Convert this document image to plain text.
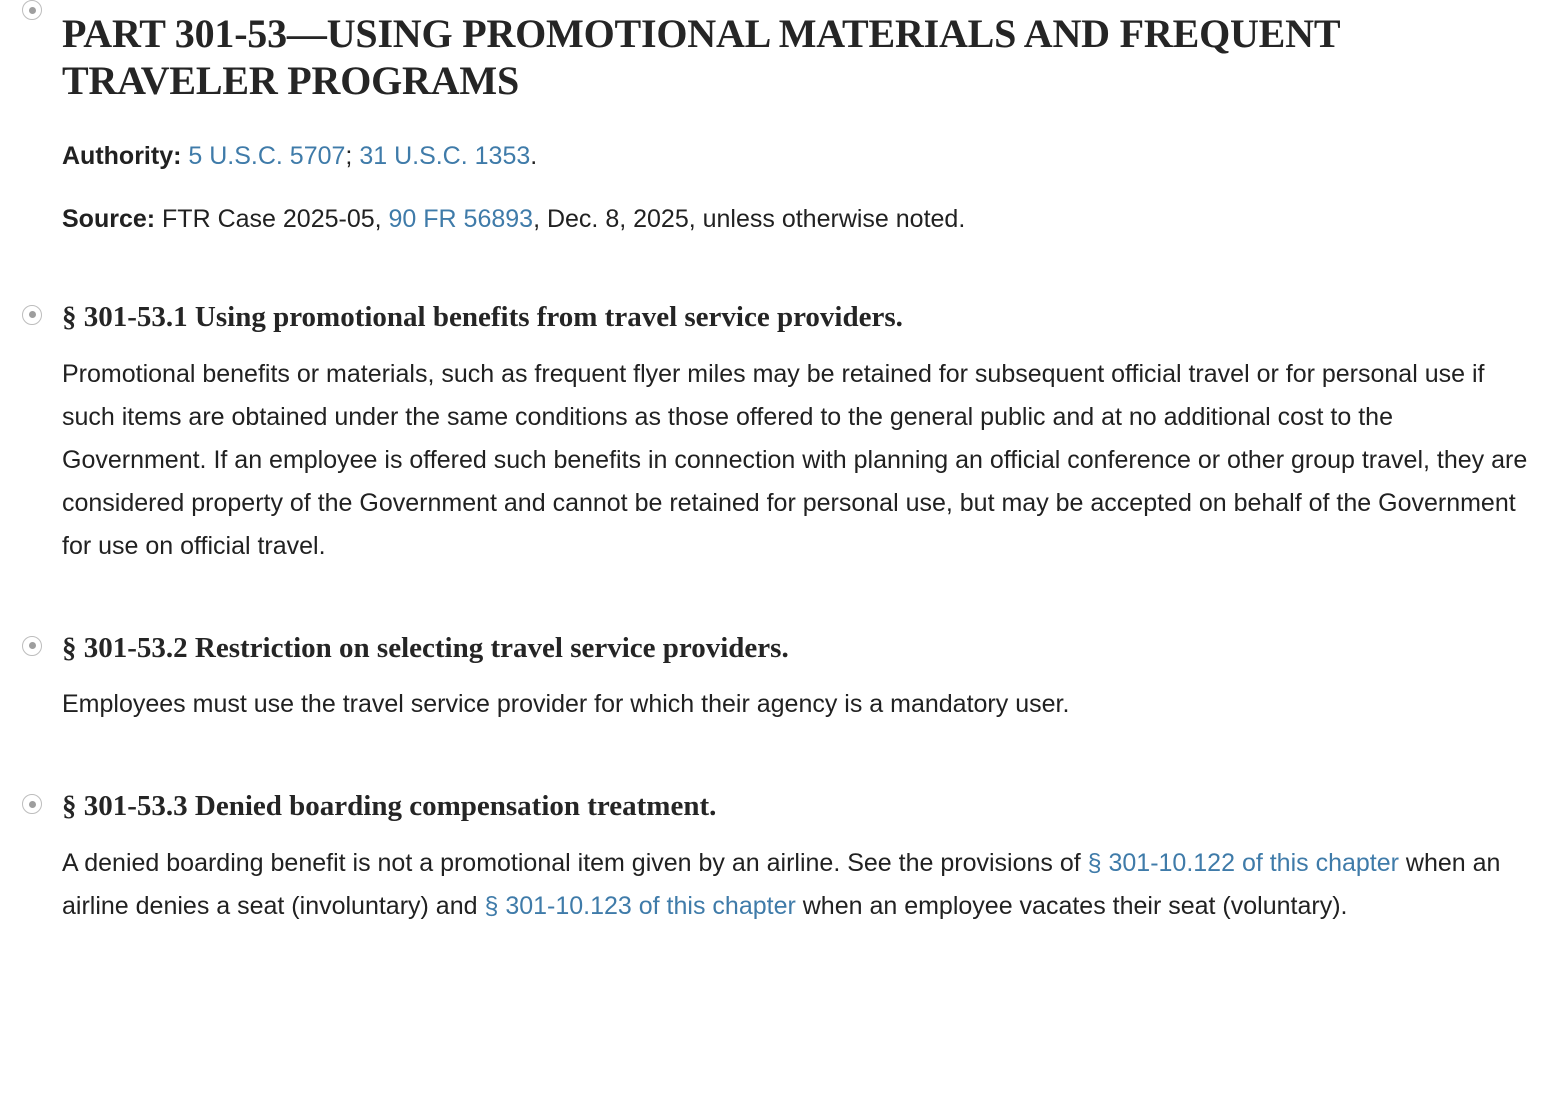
PART 301-53—USING PROMOTIONAL MATERIALS AND FREQUENT TRAVELER PROGRAMS

Authority: 5 U.S.C. 5707; 31 U.S.C. 1353.

Source: FTR Case 2025-05, 90 FR 56893, Dec. 8, 2025, unless otherwise noted.

§ 301-53.1 Using promotional benefits from travel service providers.

Promotional benefits or materials, such as frequent flyer miles may be retained for subsequent official travel or for personal use if such items are obtained under the same conditions as those offered to the general public and at no additional cost to the Government. If an employee is offered such benefits in connection with planning an official conference or other group travel, they are considered property of the Government and cannot be retained for personal use, but may be accepted on behalf of the Government for use on official travel.

§ 301-53.2 Restriction on selecting travel service providers.

Employees must use the travel service provider for which their agency is a mandatory user.

§ 301-53.3 Denied boarding compensation treatment.

A denied boarding benefit is not a promotional item given by an airline. See the provisions of § 301-10.122 of this chapter when an airline denies a seat (involuntary) and § 301-10.123 of this chapter when an employee vacates their seat (voluntary).
